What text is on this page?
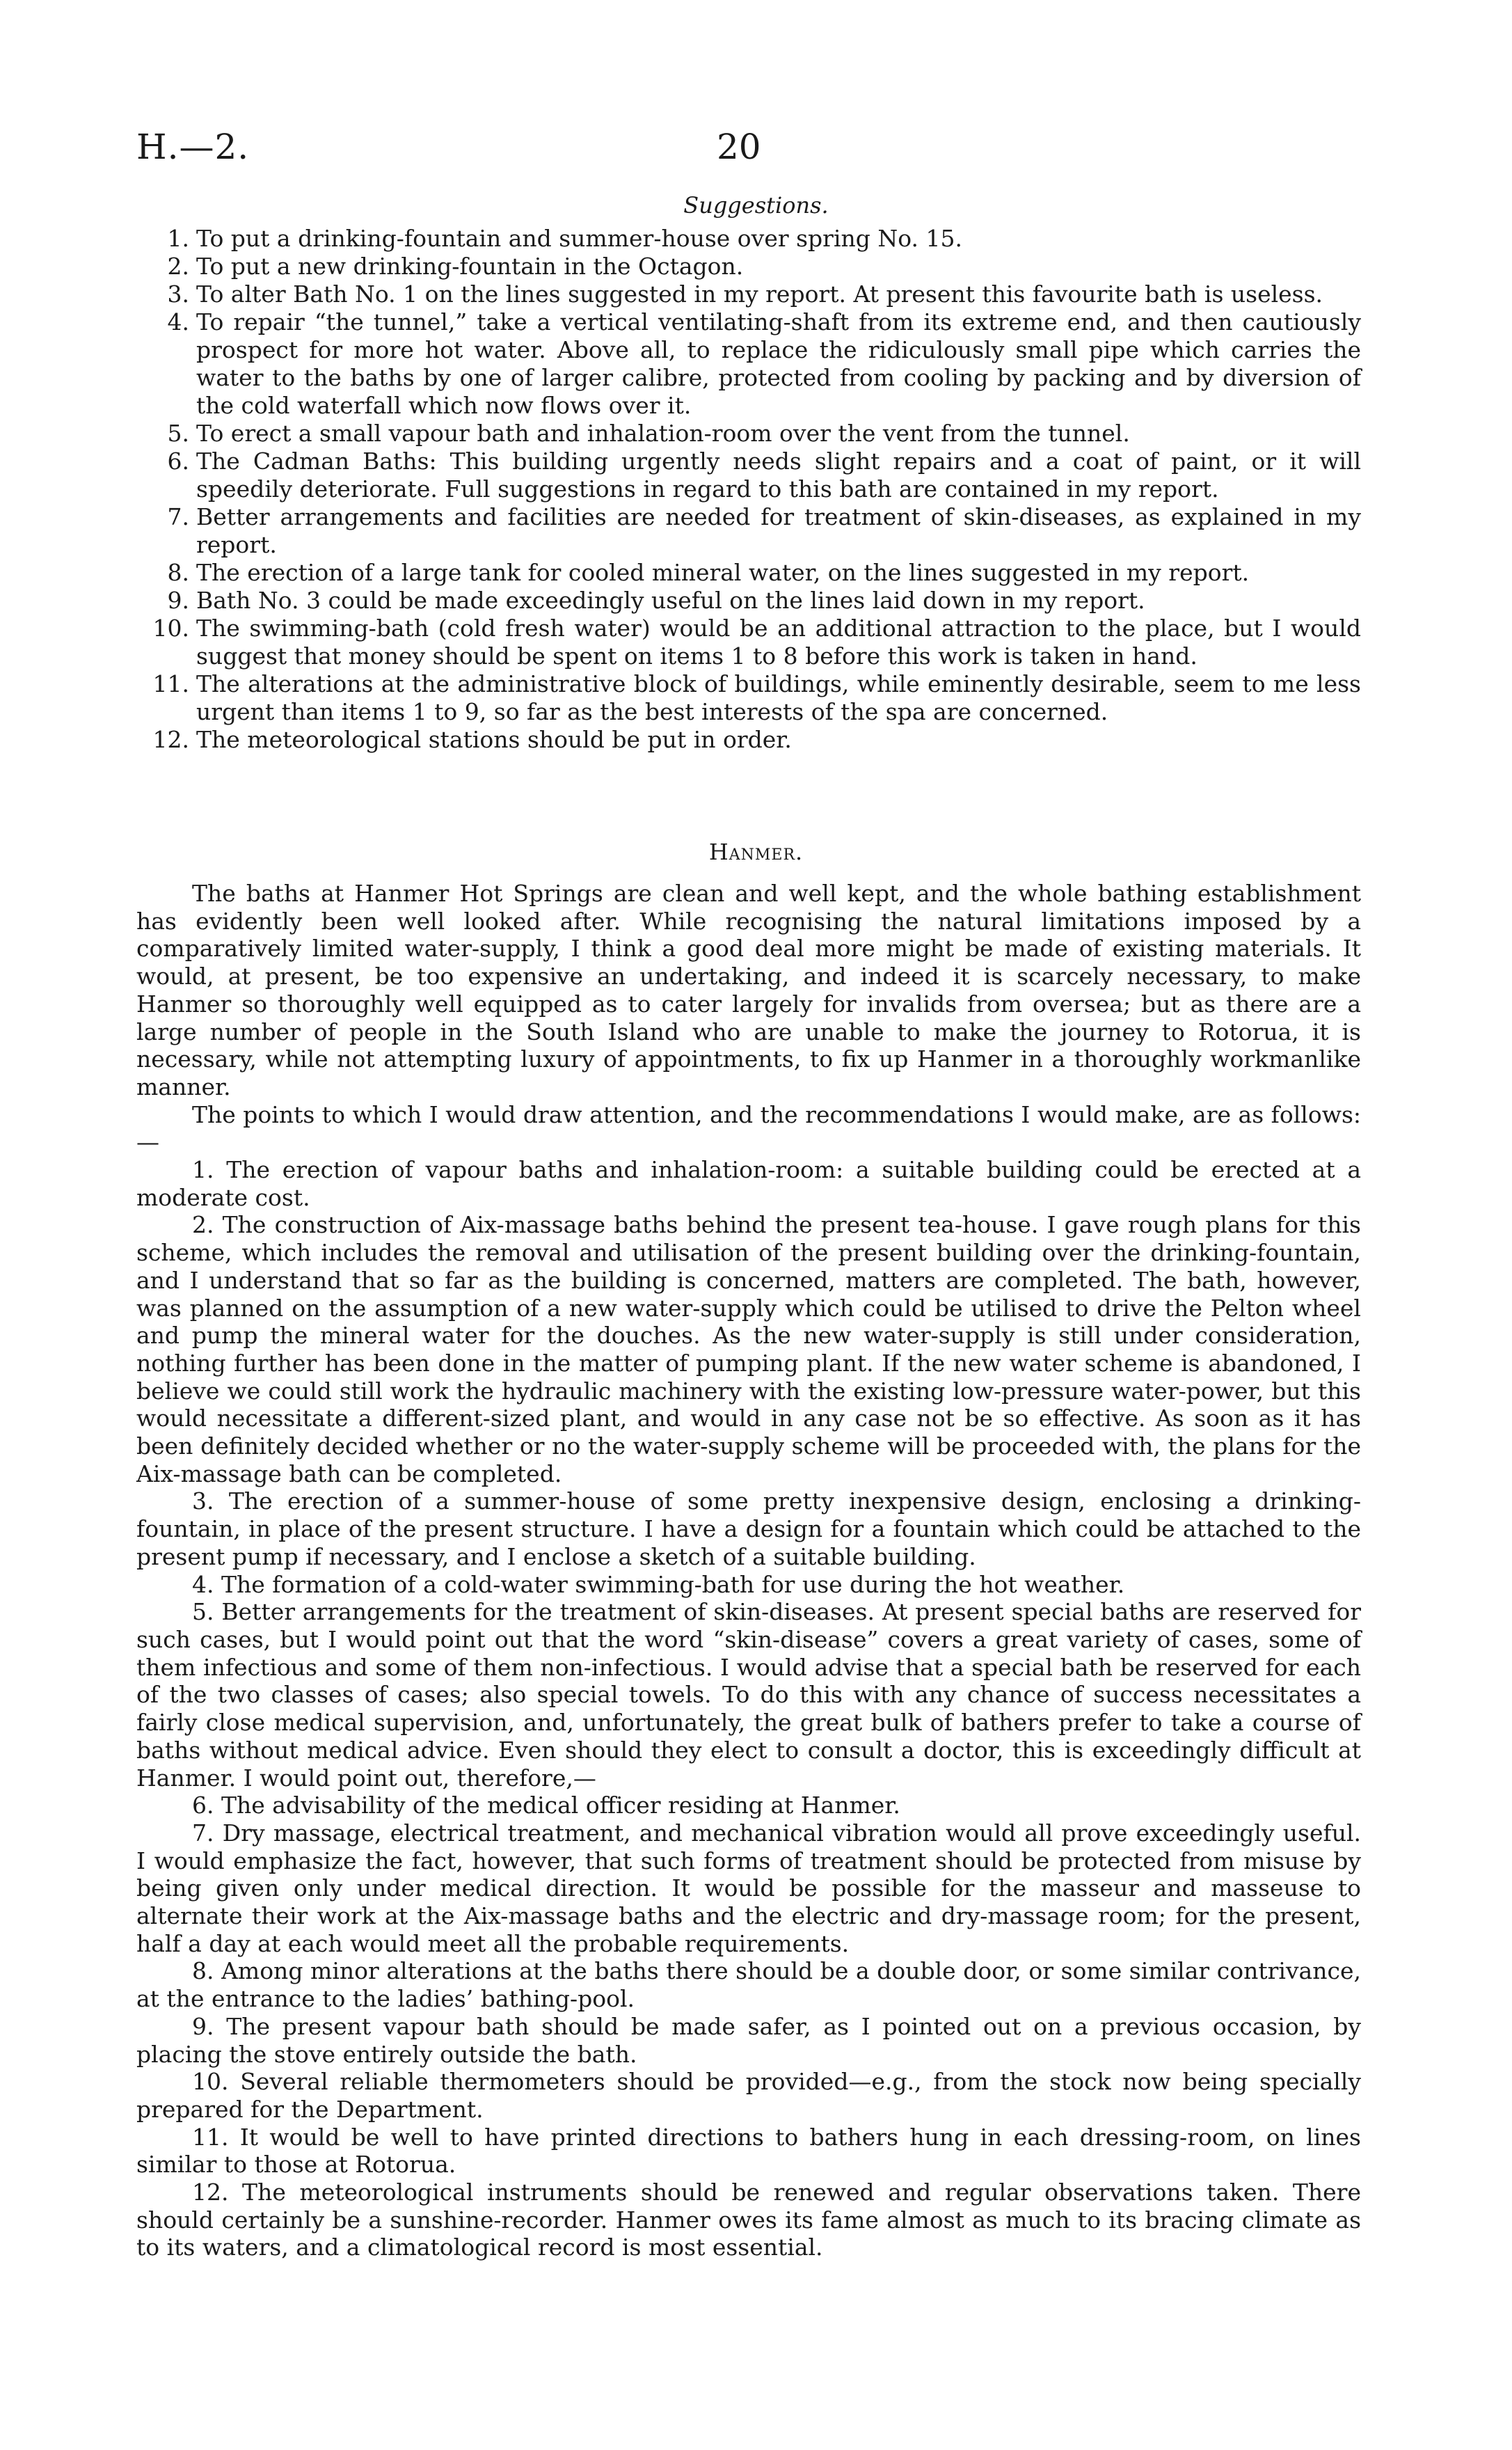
H.—2.	20
Suggestions.
1. To put a drinking-fountain and summer-house over spring No. 15.
2. To put a new drinking-fountain in the Octagon.
3. To alter Bath No. 1 on the lines suggested in my report. At present this favourite bath is useless.
4. To repair “the tunnel,” take a vertical ventilating-shaft from its extreme end, and then cautiously prospect for more hot water. Above all, to replace the ridiculously small pipe which carries the water to the baths by one of larger calibre, protected from cooling by packing and by diversion of the cold waterfall which now flows over it.
5. To erect a small vapour bath and inhalation-room over the vent from the tunnel.
6. The Cadman Baths: This building urgently needs slight repairs and a coat of paint, or it will speedily deteriorate. Full suggestions in regard to this bath are contained in my report.
7. Better arrangements and facilities are needed for treatment of skin-diseases, as explained in my report.
8. The erection of a large tank for cooled mineral water, on the lines suggested in my report.
9. Bath No. 3 could be made exceedingly useful on the lines laid down in my report.
10. The swimming-bath (cold fresh water) would be an additional attraction to the place, but I would suggest that money should be spent on items 1 to 8 before this work is taken in hand.
11. The alterations at the administrative block of buildings, while eminently desirable, seem to me less urgent than items 1 to 9, so far as the best interests of the spa are concerned.
12. The meteorological stations should be put in order.
Hanmer.

The baths at Hanmer Hot Springs are clean and well kept, and the whole bathing establishment has evidently been well looked after. While recognising the natural limitations imposed by a comparatively limited water-supply, I think a good deal more might be made of existing materials. It would, at present, be too expensive an undertaking, and indeed it is scarcely necessary, to make Hanmer so thoroughly well equipped as to cater largely for invalids from oversea; but as there are a large number of people in the South Island who are unable to make the journey to Rotorua, it is necessary, while not attempting luxury of appointments, to fix up Hanmer in a thoroughly workmanlike manner.

The points to which I would draw attention, and the recommendations I would make, are as follows:—

1. The erection of vapour baths and inhalation-room: a suitable building could be erected at a moderate cost.

2. The construction of Aix-massage baths behind the present tea-house. I gave rough plans for this scheme, which includes the removal and utilisation of the present building over the drinking-fountain, and I understand that so far as the building is concerned, matters are completed. The bath, however, was planned on the assumption of a new water-supply which could be utilised to drive the Pelton wheel and pump the mineral water for the douches. As the new water-supply is still under consideration, nothing further has been done in the matter of pumping plant. If the new water scheme is abandoned, I believe we could still work the hydraulic machinery with the existing low-pressure water-power, but this would necessitate a different-sized plant, and would in any case not be so effective. As soon as it has been definitely decided whether or no the water-supply scheme will be proceeded with, the plans for the Aix-massage bath can be completed.

3. The erection of a summer-house of some pretty inexpensive design, enclosing a drinking-fountain, in place of the present structure. I have a design for a fountain which could be attached to the present pump if necessary, and I enclose a sketch of a suitable building.

4. The formation of a cold-water swimming-bath for use during the hot weather.

5. Better arrangements for the treatment of skin-diseases. At present special baths are reserved for such cases, but I would point out that the word “skin-disease” covers a great variety of cases, some of them infectious and some of them non-infectious. I would advise that a special bath be reserved for each of the two classes of cases; also special towels. To do this with any chance of success necessitates a fairly close medical supervision, and, unfortunately, the great bulk of bathers prefer to take a course of baths without medical advice. Even should they elect to consult a doctor, this is exceedingly difficult at Hanmer. I would point out, therefore,—

6. The advisability of the medical officer residing at Hanmer.

7. Dry massage, electrical treatment, and mechanical vibration would all prove exceedingly useful. I would emphasize the fact, however, that such forms of treatment should be protected from misuse by being given only under medical direction. It would be possible for the masseur and masseuse to alternate their work at the Aix-massage baths and the electric and dry-massage room; for the present, half a day at each would meet all the probable requirements.

8. Among minor alterations at the baths there should be a double door, or some similar contrivance, at the entrance to the ladies’ bathing-pool.

9. The present vapour bath should be made safer, as I pointed out on a previous occasion, by placing the stove entirely outside the bath.

10. Several reliable thermometers should be provided—e.g., from the stock now being specially prepared for the Department.

11. It would be well to have printed directions to bathers hung in each dressing-room, on lines similar to those at Rotorua.

12. The meteorological instruments should be renewed and regular observations taken. There should certainly be a sunshine-recorder. Hanmer owes its fame almost as much to its bracing climate as to its waters, and a climatological record is most essential.
